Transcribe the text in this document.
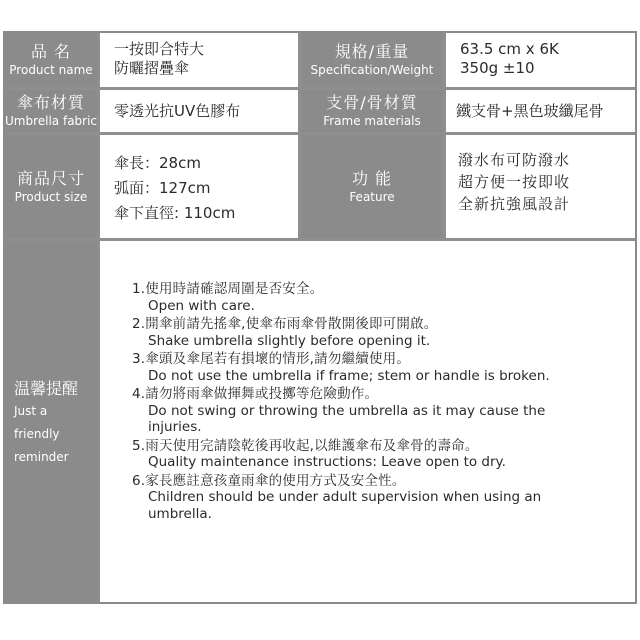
品 名
Product name
一按即合特大
防曬摺疊傘
規格/重量
Specification/Weight
63.5 cm x 6K
350g ±10
傘布材質
Umbrella fabric
零透光抗UV色膠布	支骨/骨材質
Frame materials
鐵支骨+黑色玻纖尾骨
商品尺寸
Product size
傘長：28cm
弧面：127cm
傘下直徑: 110cm
功 能
Feature
潑水布可防潑水
超方便一按即收
全新抗強風設計
温馨提醒
Just a
friendly
reminder
1.使用時請確認周圍是否安全。
Open with care.
2.開傘前請先搖傘,使傘布雨傘骨散開後即可開啟。
Shake umbrella slightly before opening it.
3.傘頭及傘尾若有損壞的情形,請勿繼續使用。
Do not use the umbrella if frame; stem or handle is broken.
4.請勿將雨傘做揮舞或投擲等危險動作。
Do not swing or throwing the umbrella as it may cause the injuries.
5.雨天使用完請陰乾後再收起,以維護傘布及傘骨的壽命。
Quality maintenance instructions: Leave open to dry.
6.家長應註意孩童雨傘的使用方式及安全性。
Children should be under adult supervision when using an umbrella.
